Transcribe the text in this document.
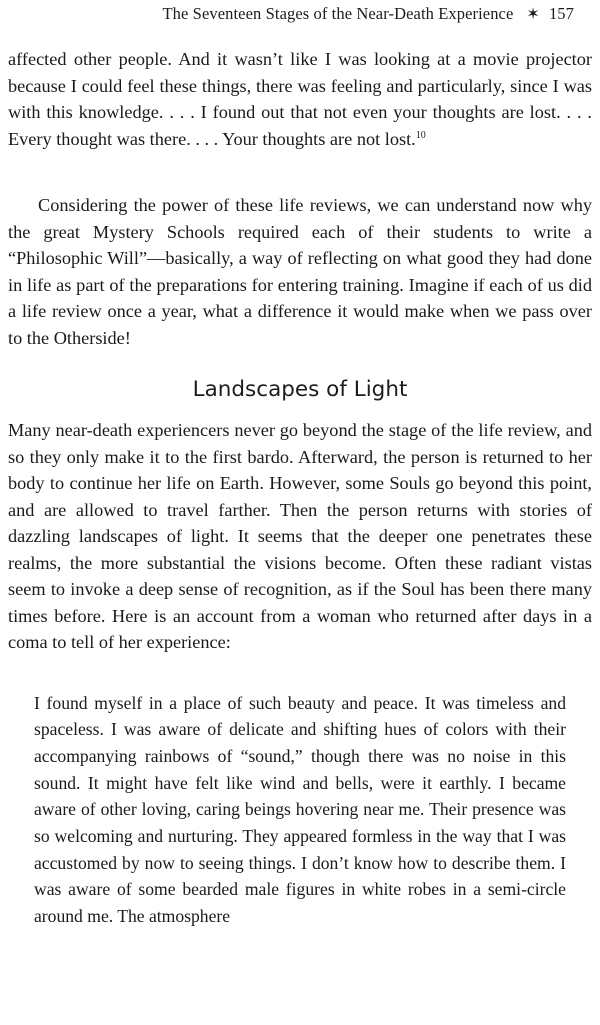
The Seventeen Stages of the Near-Death Experience ✶ 157

affected other people. And it wasn’t like I was looking at a movie projector because I could feel these things, there was feeling and particularly, since I was with this knowledge. . . . I found out that not even your thoughts are lost. . . . Every thought was there. . . . Your thoughts are not lost.$^{10}$

Considering the power of these life reviews, we can understand now why the great Mystery Schools required each of their students to write a “Philosophic Will”—basically, a way of reflecting on what good they had done in life as part of the preparations for entering training. Imagine if each of us did a life review once a year, what a difference it would make when we pass over to the Otherside!

Landscapes of Light

Many near-death experiencers never go beyond the stage of the life review, and so they only make it to the first bardo. Afterward, the person is returned to her body to continue her life on Earth. However, some Souls go beyond this point, and are allowed to travel farther. Then the person returns with stories of dazzling landscapes of light. It seems that the deeper one penetrates these realms, the more substantial the visions become. Often these radiant vistas seem to invoke a deep sense of recognition, as if the Soul has been there many times before. Here is an account from a woman who returned after days in a coma to tell of her experience:

I found myself in a place of such beauty and peace. It was timeless and spaceless. I was aware of delicate and shifting hues of colors with their accompanying rainbows of “sound,” though there was no noise in this sound. It might have felt like wind and bells, were it earthly. I became aware of other loving, caring beings hovering near me. Their presence was so welcoming and nurturing. They appeared formless in the way that I was accustomed by now to seeing things. I don’t know how to describe them. I was aware of some bearded male figures in white robes in a semi-circle around me. The atmosphere
